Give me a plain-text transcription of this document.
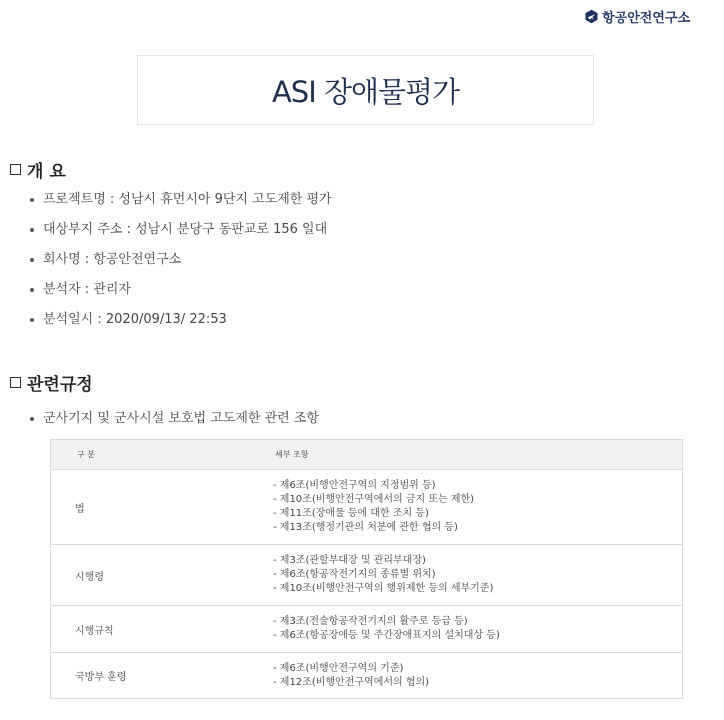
항공안전연구소
ASI 장애물평가
개 요
프로젝트명 : 성남시 휴먼시아 9단지 고도제한 평가
대상부지 주소 : 성남시 분당구 동판교로 156 일대
회사명 : 항공안전연구소
분석자 : 관리자
분석일시 : 2020/09/13/ 22:53
관련규정
군사기지 및 군사시설 보호법 고도제한 관련 조항
구 분	세부 조항
법	- 제6조(비행안전구역의 지정범위 등)
- 제10조(비행안전구역에서의 금지 또는 제한)
- 제11조(장애물 등에 대한 조치 등)
- 제13조(행정기관의 처분에 관한 협의 등)

시행령	- 제3조(관할부대장 및 관리부대장)
- 제6조(항공작전기지의 종류별 위치)
- 제10조(비행안전구역의 행위제한 등의 세부기준)

시행규칙	- 제3조(전술항공작전기지의 활주로 등급 등)
- 제6조(항공장애등 및 주간장애표지의 설치대상 등)

국방부 훈령	- 제6조(비행안전구역의 기준)
- 제12조(비행안전구역에서의 협의)
